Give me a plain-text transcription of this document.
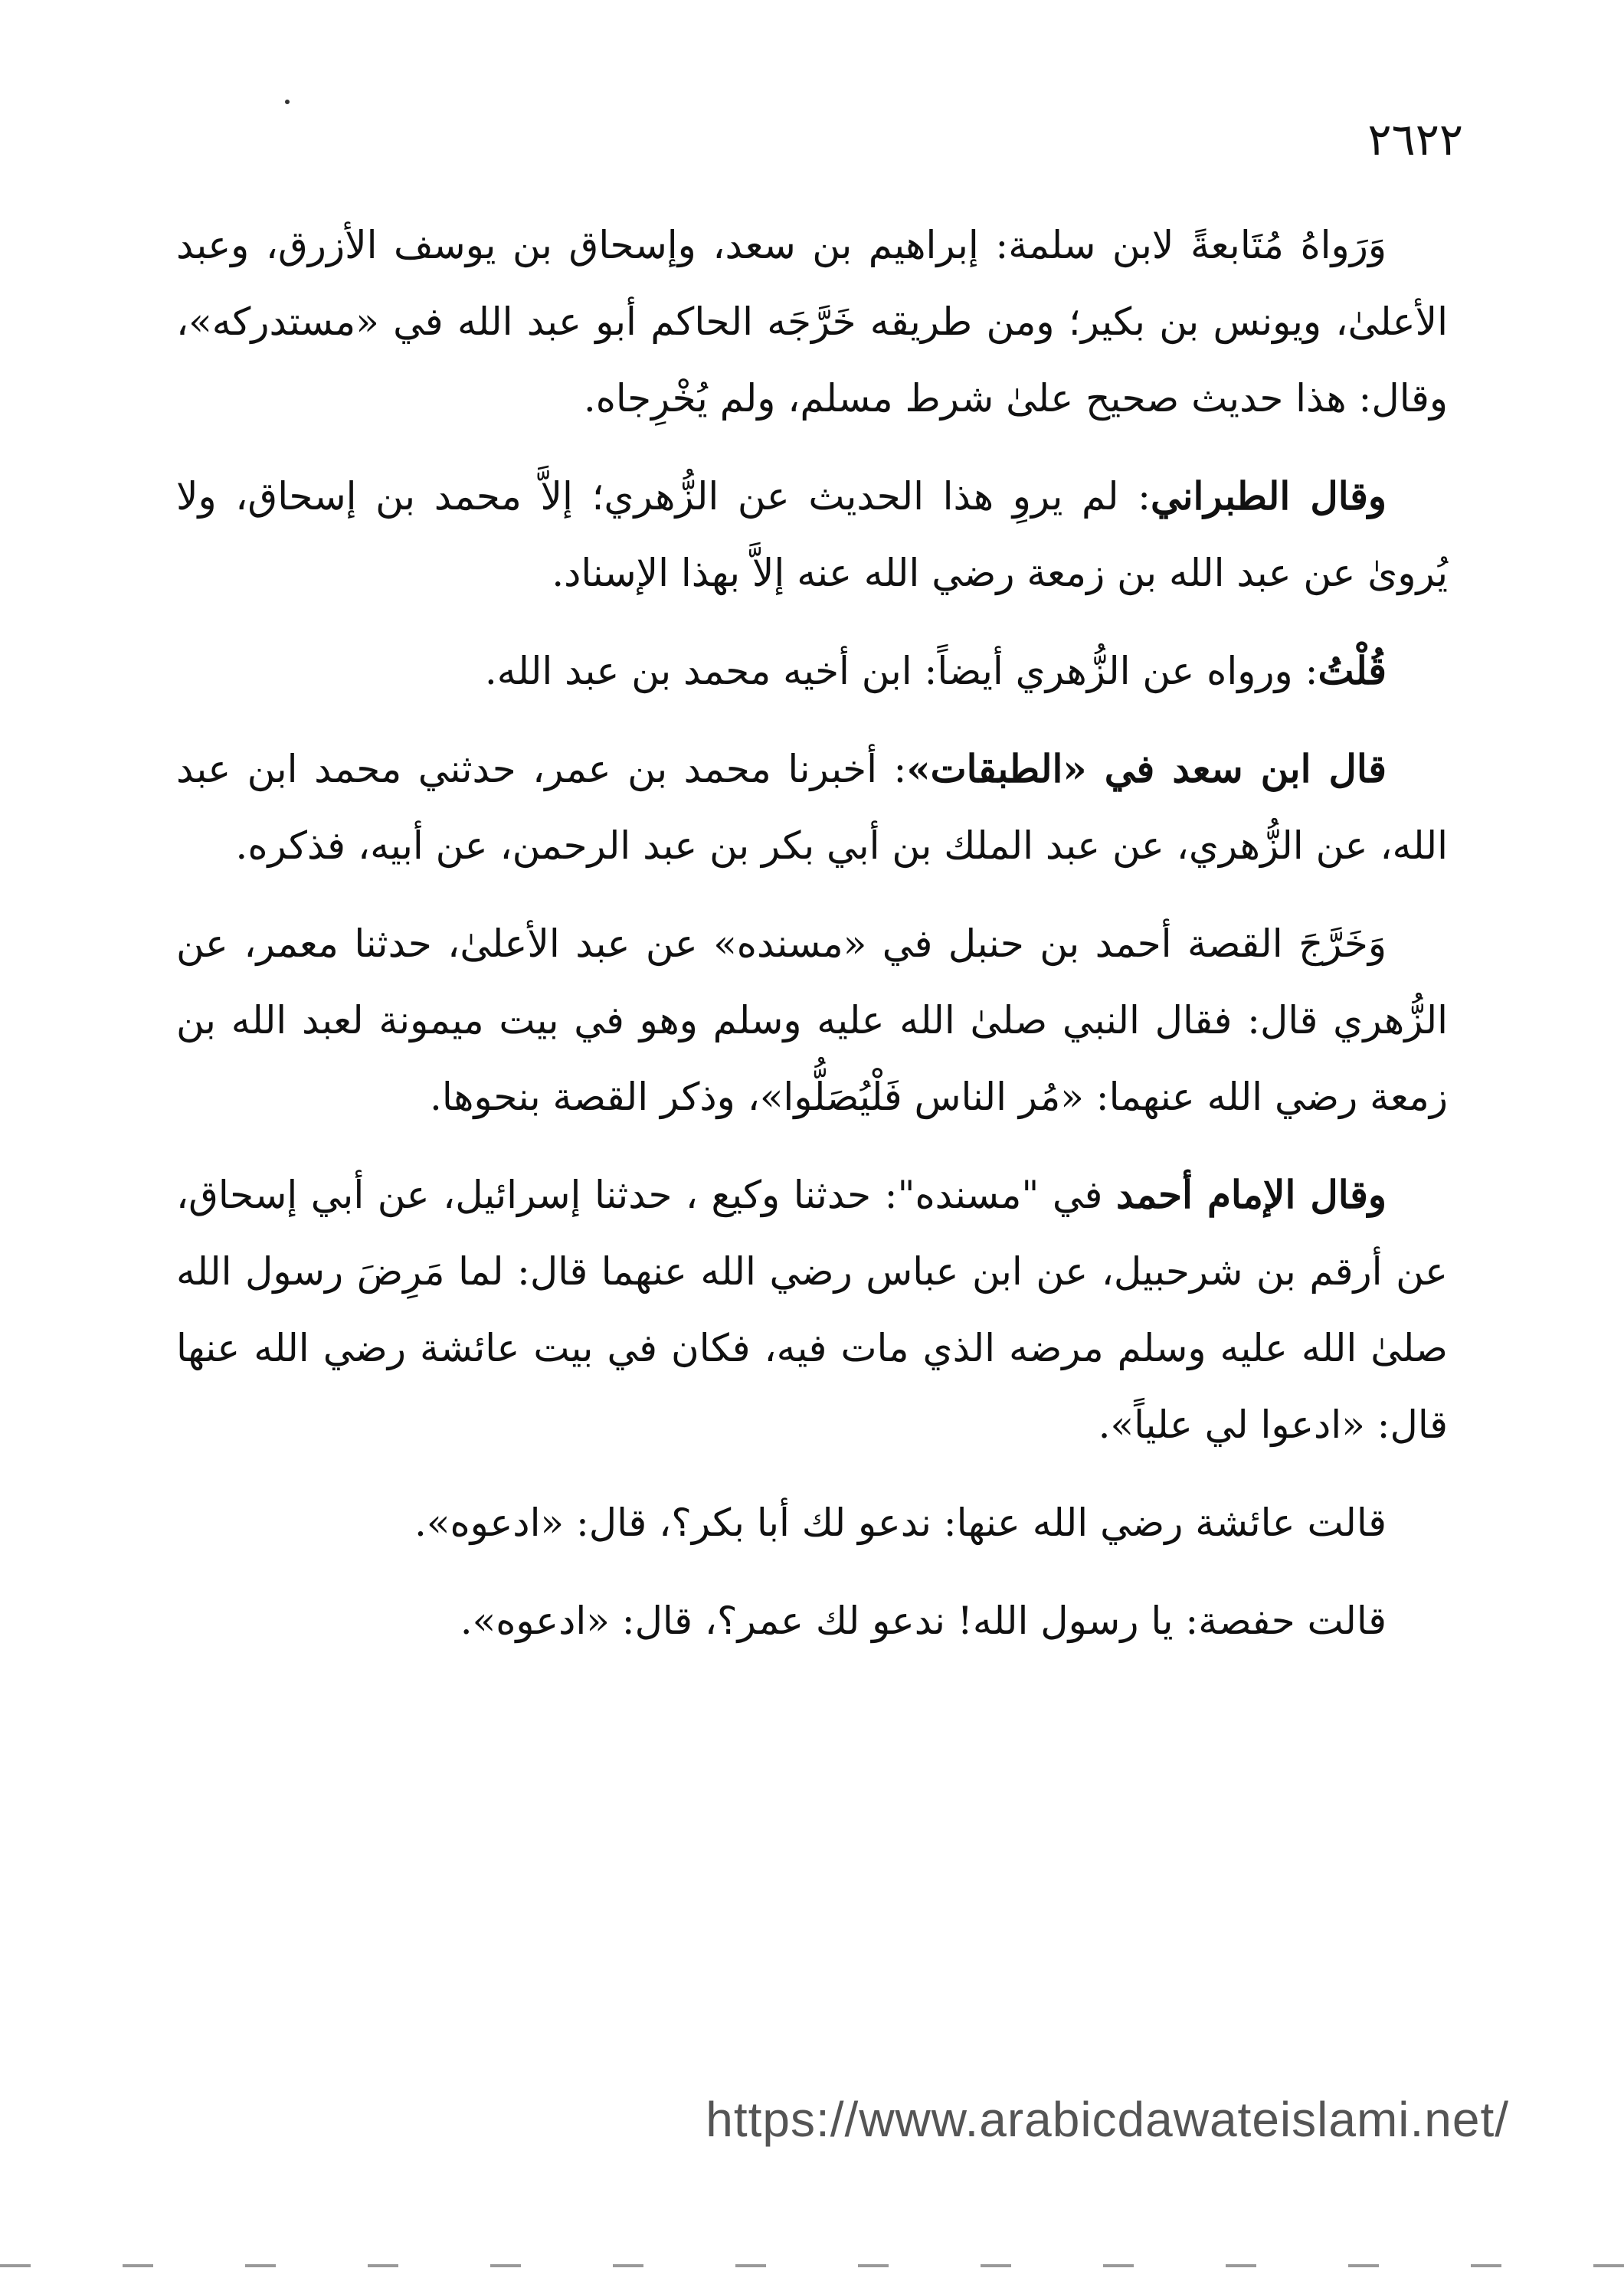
٢٦٢٢

وَرَواهُ مُتَابعةً لابن سلمة: إبراهيم بن سعد، وإسحاق بن يوسف الأزرق، وعبد الأعلىٰ، ويونس بن بكير؛ ومن طريقه خَرَّجَه الحاكم أبو عبد الله في «مستدركه»، وقال: هذا حديث صحيح علىٰ شرط مسلم، ولم يُخْرِجاه.

وقال الطبراني: لم يروِ هذا الحديث عن الزُّهري؛ إلاَّ محمد بن إسحاق، ولا يُروىٰ عن عبد الله بن زمعة رضي الله عنه إلاَّ بهذا الإسناد.

قُلْتُ: ورواه عن الزُّهري أيضاً: ابن أخيه محمد بن عبد الله.

قال ابن سعد في «الطبقات»: أخبرنا محمد بن عمر، حدثني محمد ابن عبد الله، عن الزُّهري، عن عبد الملك بن أبي بكر بن عبد الرحمن، عن أبيه، فذكره.

وَخَرَّجَ القصة أحمد بن حنبل في «مسنده» عن عبد الأعلىٰ، حدثنا معمر، عن الزُّهري قال: فقال النبي صلىٰ الله عليه وسلم وهو في بيت ميمونة لعبد الله بن زمعة رضي الله عنهما: «مُر الناس فَلْيُصَلُّوا»، وذكر القصة بنحوها.

وقال الإمام أحمد في "مسنده": حدثنا وكيع ، حدثنا إسرائيل، عن أبي إسحاق، عن أرقم بن شرحبيل، عن ابن عباس رضي الله عنهما قال: لما مَرِضَ رسول الله صلىٰ الله عليه وسلم مرضه الذي مات فيه، فكان في بيت عائشة رضي الله عنها قال: «ادعوا لي علياً».

قالت عائشة رضي الله عنها: ندعو لك أبا بكر؟، قال: «ادعوه».

قالت حفصة: يا رسول الله! ندعو لك عمر؟، قال: «ادعوه».

https://www.arabicdawateislami.net/
